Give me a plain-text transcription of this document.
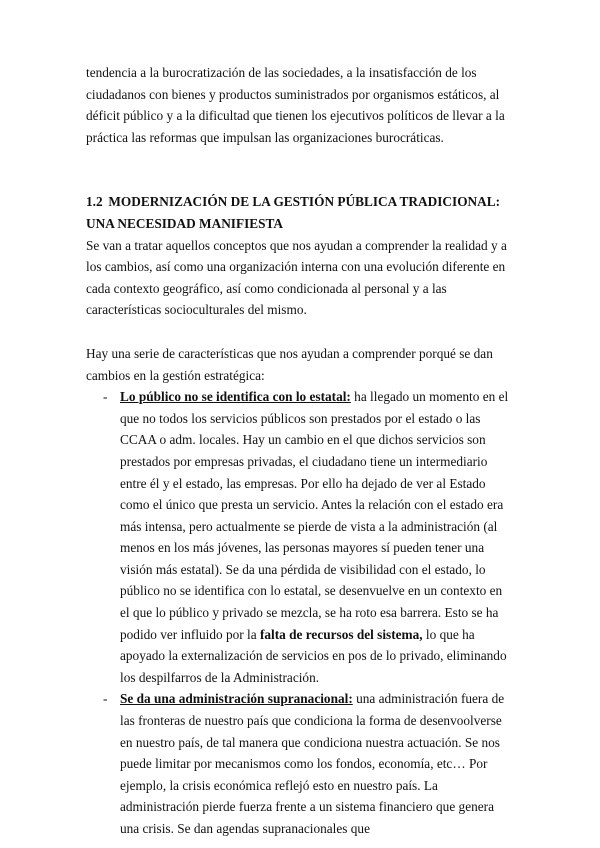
tendencia a la burocratización de las sociedades, a la insatisfacción de los ciudadanos con bienes y productos suministrados por organismos estáticos, al déficit público y a la dificultad que tienen los ejecutivos políticos de llevar a la práctica las reformas que impulsan las organizaciones burocráticas.

1.2 MODERNIZACIÓN DE LA GESTIÓN PÚBLICA TRADICIONAL:
UNA NECESIDAD MANIFIESTA

Se van a tratar aquellos conceptos que nos ayudan a comprender la realidad y a los cambios, así como una organización interna con una evolución diferente en cada contexto geográfico, así como condicionada al personal y a las características socioculturales del mismo.

Hay una serie de características que nos ayudan a comprender porqué se dan cambios en la gestión estratégica:

- Lo público no se identifica con lo estatal: ha llegado un momento en el que no todos los servicios públicos son prestados por el estado o las CCAA o adm. locales. Hay un cambio en el que dichos servicios son prestados por empresas privadas, el ciudadano tiene un intermediario entre él y el estado, las empresas. Por ello ha dejado de ver al Estado como el único que presta un servicio. Antes la relación con el estado era más intensa, pero actualmente se pierde de vista a la administración (al menos en los más jóvenes, las personas mayores sí pueden tener una visión más estatal). Se da una pérdida de visibilidad con el estado, lo público no se identifica con lo estatal, se desenvuelve en un contexto en el que lo público y privado se mezcla, se ha roto esa barrera. Esto se ha podido ver influido por la falta de recursos del sistema, lo que ha apoyado la externalización de servicios en pos de lo privado, eliminando los despilfarros de la Administración.
- Se da una administración supranacional: una administración fuera de las fronteras de nuestro país que condiciona la forma de desenvoolverse en nuestro país, de tal manera que condiciona nuestra actuación. Se nos puede limitar por mecanismos como los fondos, economía, etc… Por ejemplo, la crisis económica reflejó esto en nuestro país. La administración pierde fuerza frente a un sistema financiero que genera una crisis. Se dan agendas supranacionales que
